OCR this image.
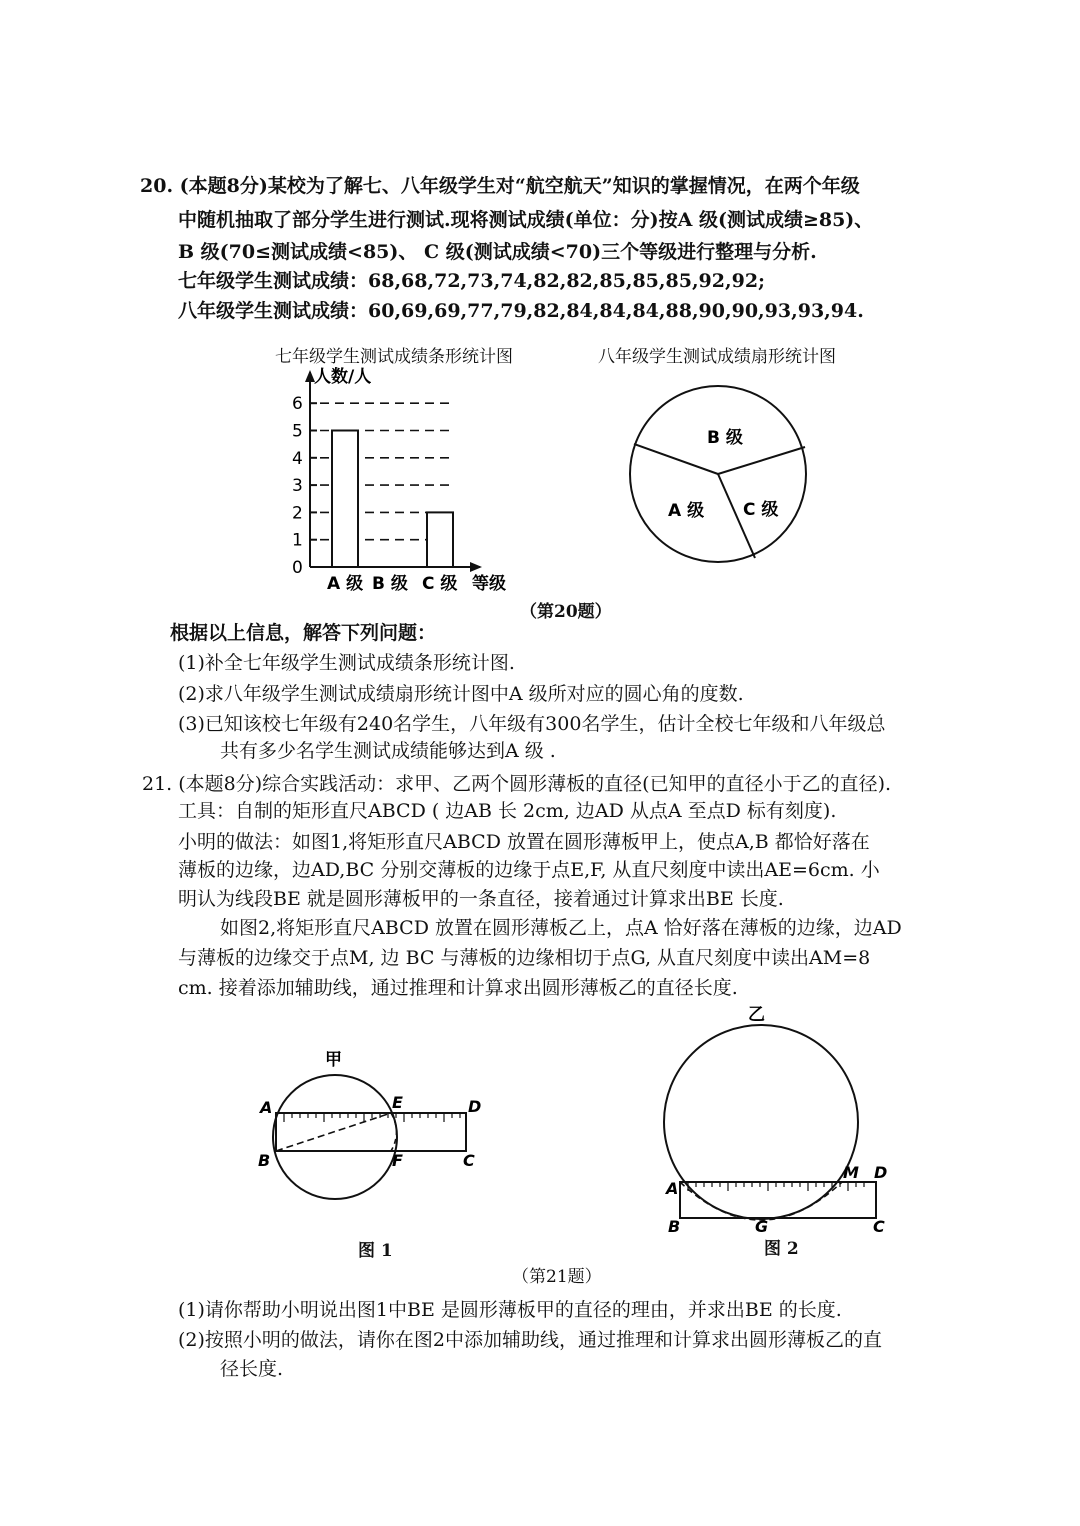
20. (本题8分)某校为了解七、八年级学生对“航空航天”知识的掌握情况，在两个年级
中随机抽取了部分学生进行测试.现将测试成绩(单位：分)按A 级(测试成绩≥85)、
B 级(70≤测试成绩<85)、 C 级(测试成绩<70)三个等级进行整理与分析.
七年级学生测试成绩：68,68,72,73,74,82,82,85,85,85,92,92;
八年级学生测试成绩：60,69,69,77,79,82,84,84,84,88,90,90,93,93,94.
七年级学生测试成绩条形统计图	八年级学生测试成绩扇形统计图
人数/人
等级
0
1
2
3
4
5
6
A 级 B 级 C 级
B 级
C 级
A 级
（第20题）
根据以上信息，解答下列问题：
(1)补全七年级学生测试成绩条形统计图.
(2)求八年级学生测试成绩扇形统计图中A 级所对应的圆心角的度数.
(3)已知该校七年级有240名学生，八年级有300名学生，估计全校七年级和八年级总
共有多少名学生测试成绩能够达到A 级 .
21. (本题8分)综合实践活动：求甲、乙两个圆形薄板的直径(已知甲的直径小于乙的直径).
工具：自制的矩形直尺ABCD ( 边AB 长 2cm, 边AD 从点A 至点D 标有刻度).
小明的做法：如图1,将矩形直尺ABCD 放置在圆形薄板甲上，使点A,B 都恰好落在
薄板的边缘，边AD,BC 分别交薄板的边缘于点E,F, 从直尺刻度中读出AE=6cm. 小
明认为线段BE 就是圆形薄板甲的一条直径，接着通过计算求出BE 长度.
如图2,将矩形直尺ABCD 放置在圆形薄板乙上，点A 恰好落在薄板的边缘，边AD
与薄板的边缘交于点M, 边 BC 与薄板的边缘相切于点G, 从直尺刻度中读出AM=8
cm. 接着添加辅助线，通过推理和计算求出圆形薄板乙的直径长度.
甲
A	E	D
B	F	C
图 1
乙
M D
A
B	G	C
图 2
（第21题）
(1)请你帮助小明说出图1中BE 是圆形薄板甲的直径的理由，并求出BE 的长度.
(2)按照小明的做法，请你在图2中添加辅助线，通过推理和计算求出圆形薄板乙的直
径长度.
